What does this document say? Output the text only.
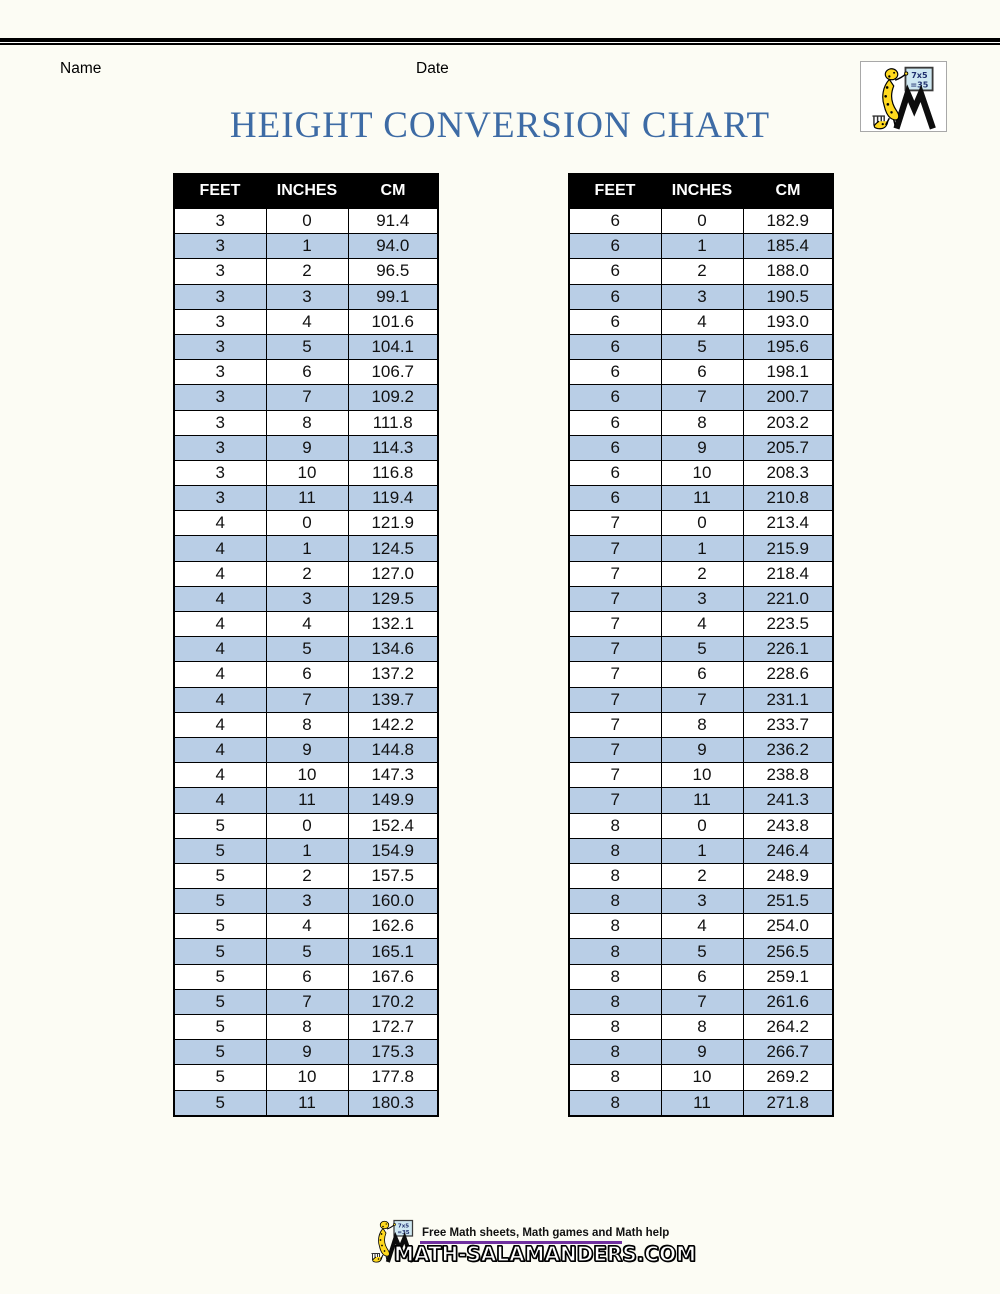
Name	Date
HEIGHT CONVERSION CHART
FEET	INCHES	CM
3	0	91.4
3	1	94.0
3	2	96.5
3	3	99.1
3	4	101.6
3	5	104.1
3	6	106.7
3	7	109.2
3	8	111.8
3	9	114.3
3	10	116.8
3	11	119.4
4	0	121.9
4	1	124.5
4	2	127.0
4	3	129.5
4	4	132.1
4	5	134.6
4	6	137.2
4	7	139.7
4	8	142.2
4	9	144.8
4	10	147.3
4	11	149.9
5	0	152.4
5	1	154.9
5	2	157.5
5	3	160.0
5	4	162.6
5	5	165.1
5	6	167.6
5	7	170.2
5	8	172.7
5	9	175.3
5	10	177.8
5	11	180.3
FEET	INCHES	CM
6	0	182.9
6	1	185.4
6	2	188.0
6	3	190.5
6	4	193.0
6	5	195.6
6	6	198.1
6	7	200.7
6	8	203.2
6	9	205.7
6	10	208.3
6	11	210.8
7	0	213.4
7	1	215.9
7	2	218.4
7	3	221.0
7	4	223.5
7	5	226.1
7	6	228.6
7	7	231.1
7	8	233.7
7	9	236.2
7	10	238.8
7	11	241.3
8	0	243.8
8	1	246.4
8	2	248.9
8	3	251.5
8	4	254.0
8	5	256.5
8	6	259.1
8	7	261.6
8	8	264.2
8	9	266.7
8	10	269.2
8	11	271.8
Free Math sheets, Math games and Math help
MATH-SALAMANDERS.COM
